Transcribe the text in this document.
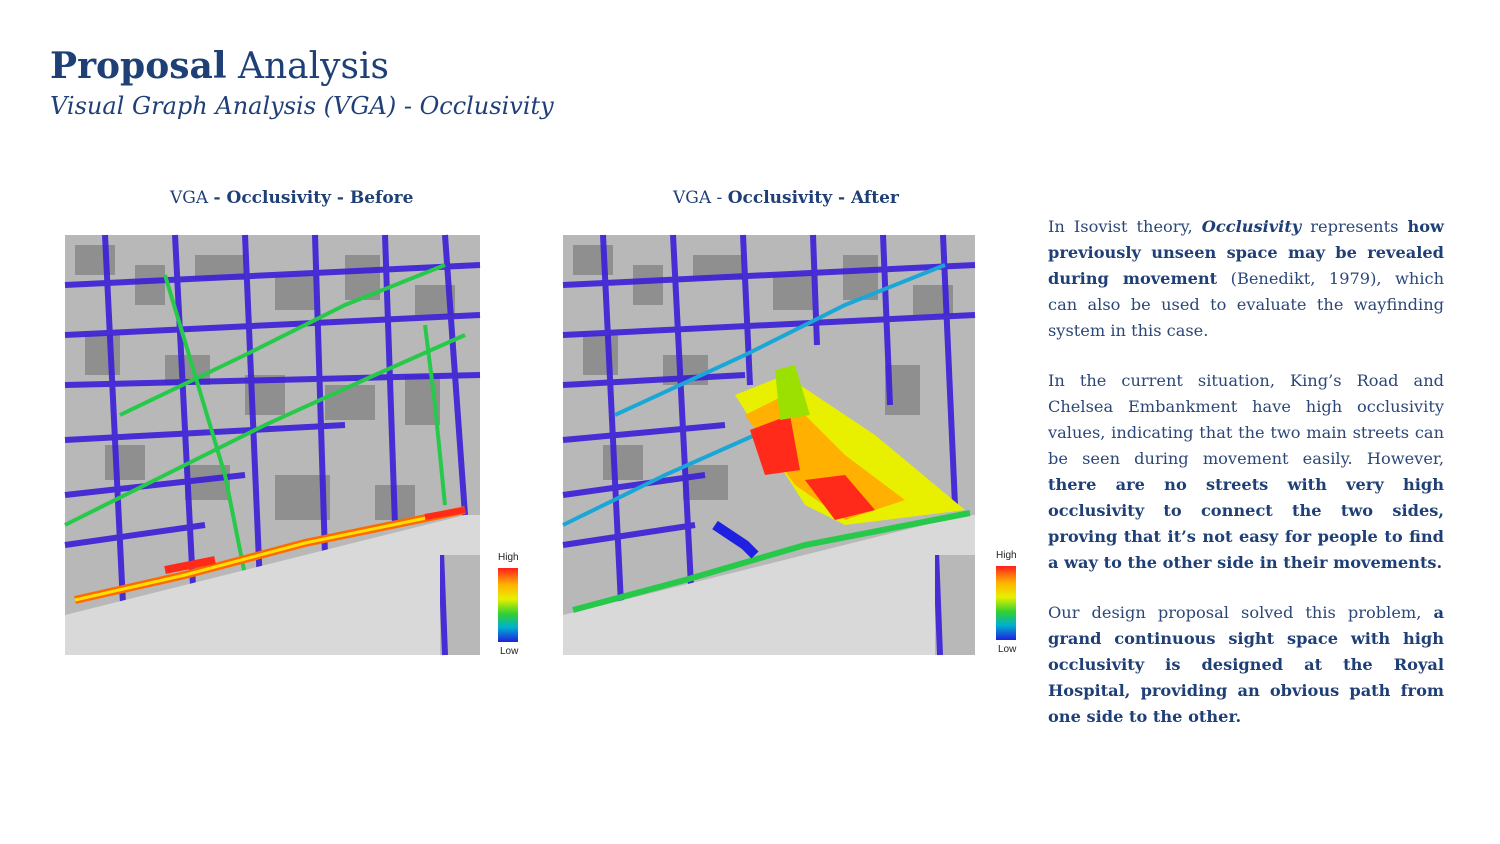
Proposal Analysis
Visual Graph Analysis (VGA) - Occlusivity
VGA - Occlusivity - Before	VGA - Occlusivity - After
High
Low
High
Low

In Isovist theory, Occlusivity represents how previously unseen space may be revealed during movement (Benedikt, 1979), which can also be used to evaluate the wayfinding system in this case.

In the current situation, King’s Road and Chelsea Embankment have high occlusivity values, indicating that the two main streets can be seen during movement easily. However, there are no streets with very high occlusivity to connect the two sides, proving that it’s not easy for people to find a way to the other side in their movements.

Our design proposal solved this problem, a grand continuous sight space with high occlusivity is designed at the Royal Hospital, providing an obvious path from one side to the other.
